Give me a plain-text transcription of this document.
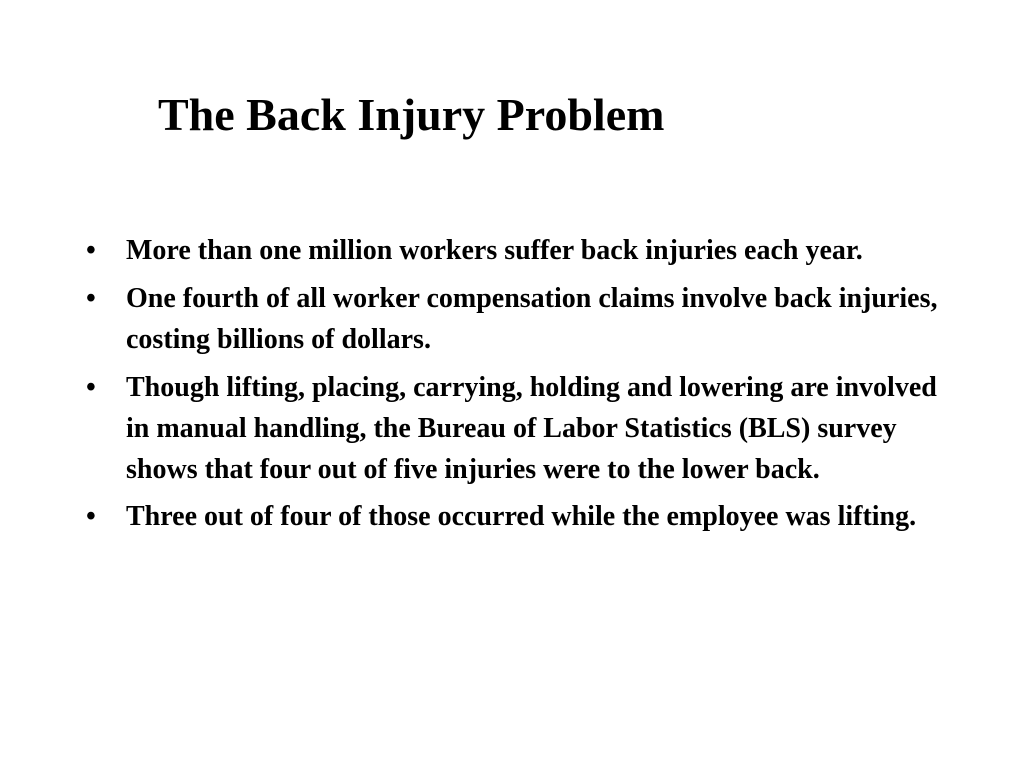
The Back Injury Problem
•	More than one million workers suffer back injuries each year.
•	One fourth of all worker compensation claims involve back injuries, costing billions of dollars.
•	Though lifting, placing, carrying, holding and lowering are involved in manual handling, the Bureau of Labor Statistics (BLS) survey shows that four out of five injuries were to the lower back.
•	Three out of four of those occurred while the employee was lifting.
